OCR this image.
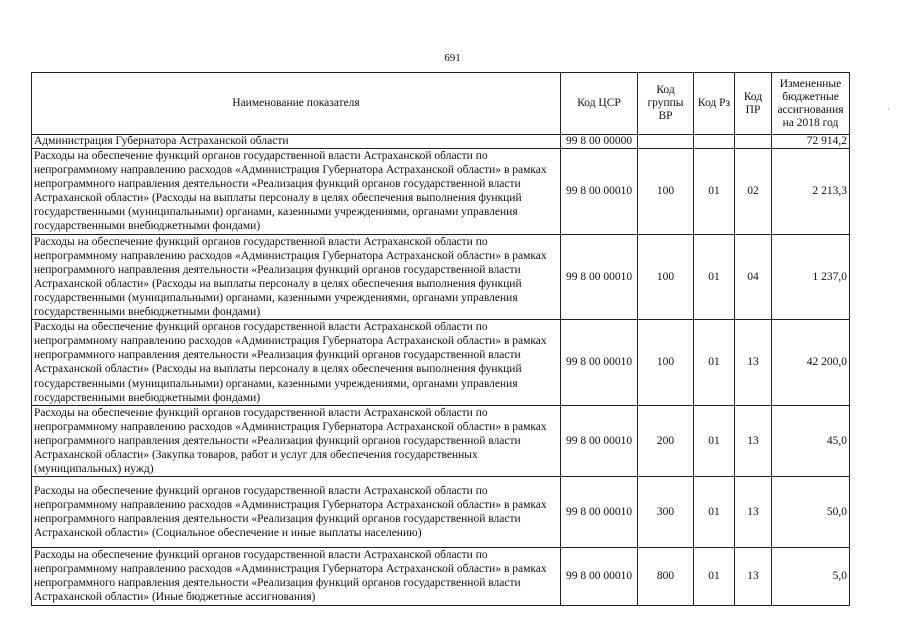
691
·
Наименование показателя	Код ЦСР	Код группы ВР	Код Рз	Код ПР	Измененные бюджетные ассигнования на 2018 год
Администрация Губернатора Астраханской области	99 8 00 00000				72 914,2
Расходы на обеспечение функций органов государственной власти Астраханской области по непрограммному направлению расходов «Администрация Губернатора Астраханской области» в рамках непрограммного направления деятельности «Реализация функций органов государственной власти Астраханской области» (Расходы на выплаты персоналу в целях обеспечения выполнения функций государственными (муниципальными) органами, казенными учреждениями, органами управления государственными внебюджетными фондами)	99 8 00 00010	100	01	02	2 213,3
Расходы на обеспечение функций органов государственной власти Астраханской области по непрограммному направлению расходов «Администрация Губернатора Астраханской области» в рамках непрограммного направления деятельности «Реализация функций органов государственной власти Астраханской области» (Расходы на выплаты персоналу в целях обеспечения выполнения функций государственными (муниципальными) органами, казенными учреждениями, органами управления государственными внебюджетными фондами)	99 8 00 00010	100	01	04	1 237,0
Расходы на обеспечение функций органов государственной власти Астраханской области по непрограммному направлению расходов «Администрация Губернатора Астраханской области» в рамках непрограммного направления деятельности «Реализация функций органов государственной власти Астраханской области» (Расходы на выплаты персоналу в целях обеспечения выполнения функций государственными (муниципальными) органами, казенными учреждениями, органами управления государственными внебюджетными фондами)	99 8 00 00010	100	01	13	42 200,0
Расходы на обеспечение функций органов государственной власти Астраханской области по непрограммному направлению расходов «Администрация Губернатора Астраханской области» в рамках непрограммного направления деятельности «Реализация функций органов государственной власти Астраханской области» (Закупка товаров, работ и услуг для обеспечения государственных (муниципальных) нужд)	99 8 00 00010	200	01	13	45,0
Расходы на обеспечение функций органов государственной власти Астраханской области по непрограммному направлению расходов «Администрация Губернатора Астраханской области» в рамках непрограммного направления деятельности «Реализация функций органов государственной власти Астраханской области» (Социальное обеспечение и иные выплаты населению)	99 8 00 00010	300	01	13	50,0
Расходы на обеспечение функций органов государственной власти Астраханской области по непрограммному направлению расходов «Администрация Губернатора Астраханской области» в рамках непрограммного направления деятельности «Реализация функций органов государственной власти Астраханской области» (Иные бюджетные ассигнования)	99 8 00 00010	800	01	13	5,0
